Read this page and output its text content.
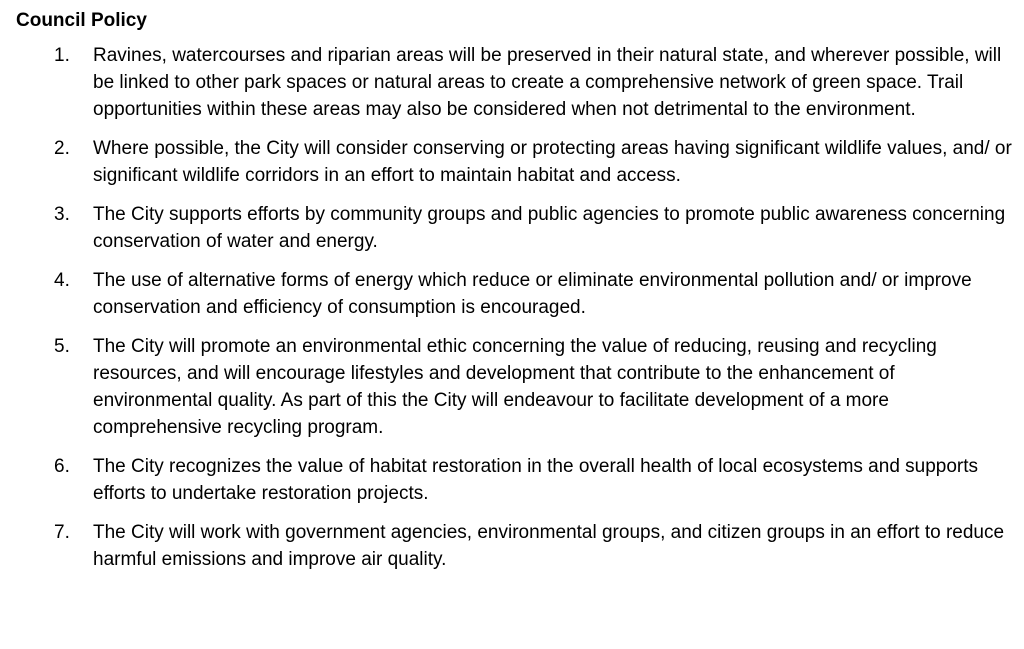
Council Policy
1.	Ravines, watercourses and riparian areas will be preserved in their natural state, and wherever possible, will be linked to other park spaces or natural areas to create a comprehensive network of green space. Trail opportunities within these areas may also be considered when not detrimental to the environment.
2.	Where possible, the City will consider conserving or protecting areas having significant wildlife values, and/ or significant wildlife corridors in an effort to maintain habitat and access.
3.	The City supports efforts by community groups and public agencies to promote public awareness concerning conservation of water and energy.
4.	The use of alternative forms of energy which reduce or eliminate environmental pollution and/ or improve conservation and efficiency of consumption is encouraged.
5.	The City will promote an environmental ethic concerning the value of reducing, reusing and recycling resources, and will encourage lifestyles and development that contribute to the enhancement of environmental quality. As part of this the City will endeavour to facilitate development of a more comprehensive recycling program.
6.	The City recognizes the value of habitat restoration in the overall health of local ecosystems and supports efforts to undertake restoration projects.
7.	The City will work with government agencies, environmental groups, and citizen groups in an effort to reduce harmful emissions and improve air quality.
